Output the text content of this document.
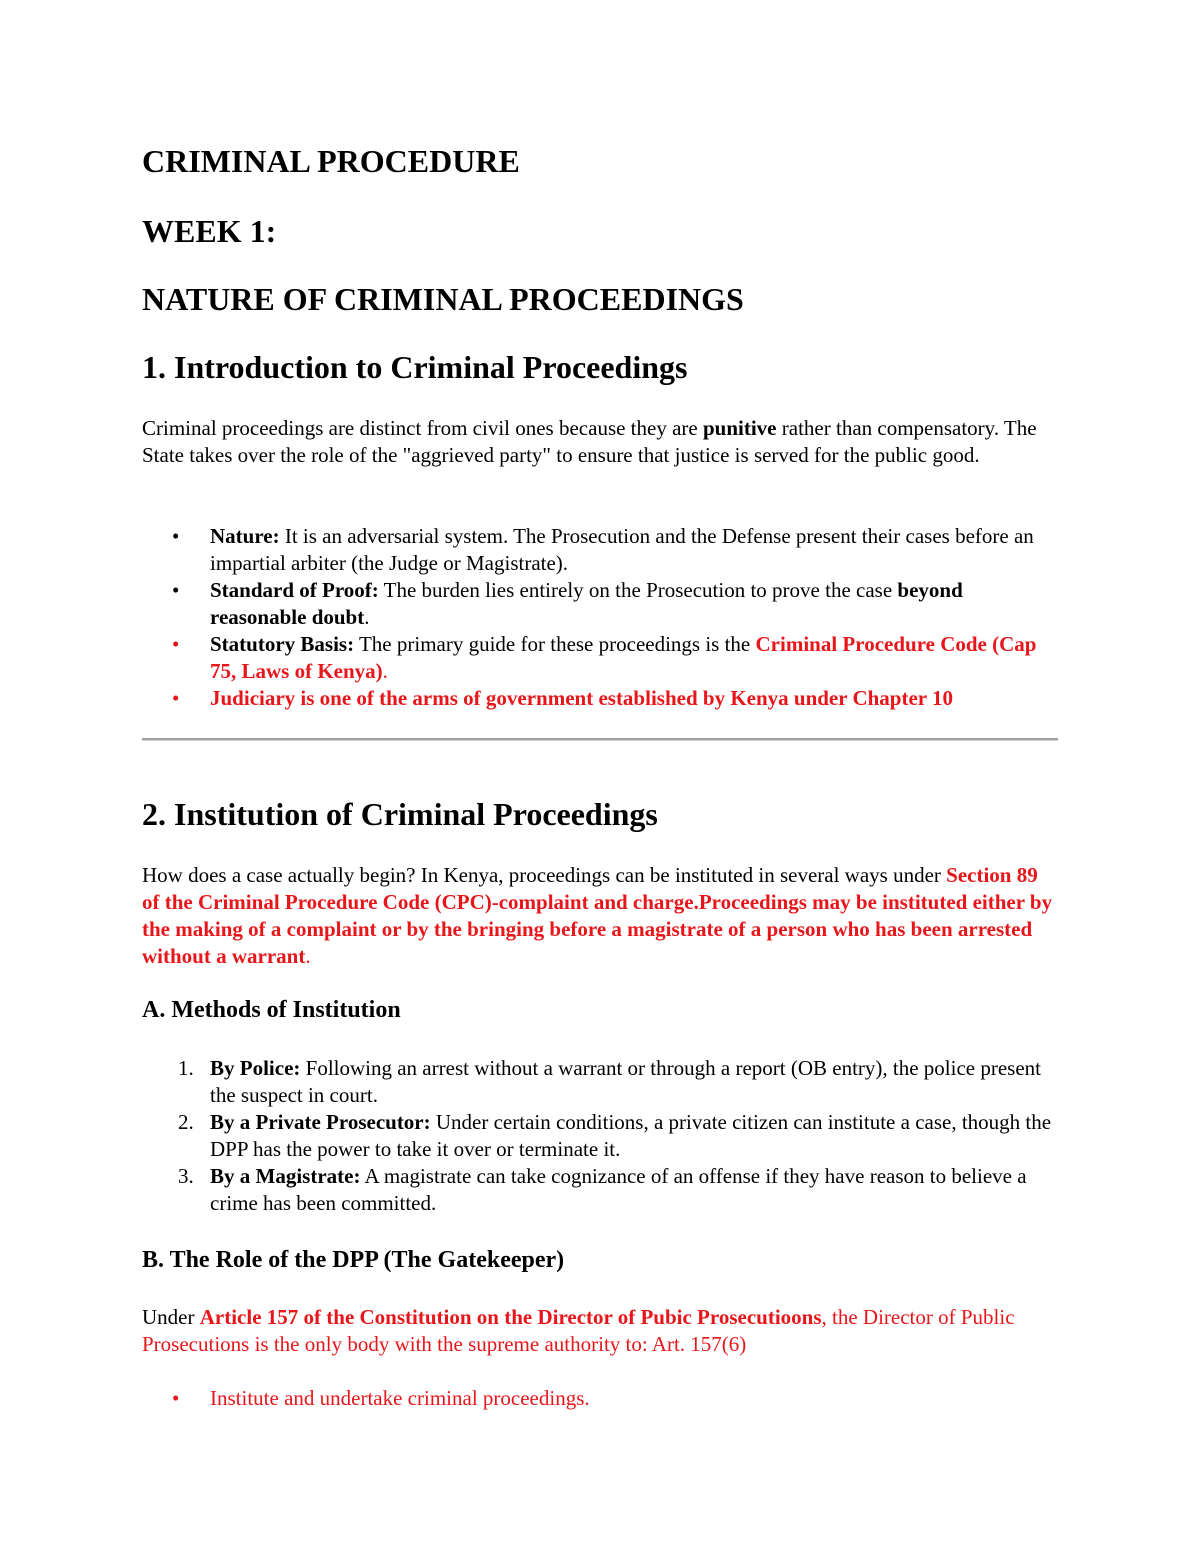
CRIMINAL PROCEDURE
WEEK 1:
NATURE OF CRIMINAL PROCEEDINGS
1. Introduction to Criminal Proceedings

Criminal proceedings are distinct from civil ones because they are punitive rather than compensatory. The State takes over the role of the "aggrieved party" to ensure that justice is served for the public good.

•	Nature: It is an adversarial system. The Prosecution and the Defense present their cases before an impartial arbiter (the Judge or Magistrate).
•	Standard of Proof: The burden lies entirely on the Prosecution to prove the case beyond reasonable doubt.
•	Statutory Basis: The primary guide for these proceedings is the Criminal Procedure Code (Cap 75, Laws of Kenya).
•	Judiciary is one of the arms of government established by Kenya under Chapter 10
2. Institution of Criminal Proceedings

How does a case actually begin? In Kenya, proceedings can be instituted in several ways under Section 89 of the Criminal Procedure Code (CPC)-complaint and charge.Proceedings may be instituted either by the making of a complaint or by the bringing before a magistrate of a person who has been arrested without a warrant.

A. Methods of Institution
1. By Police: Following an arrest without a warrant or through a report (OB entry), the police present the suspect in court.
2. By a Private Prosecutor: Under certain conditions, a private citizen can institute a case, though the DPP has the power to take it over or terminate it.
3. By a Magistrate: A magistrate can take cognizance of an offense if they have reason to believe a crime has been committed.
B. The Role of the DPP (The Gatekeeper)

Under Article 157 of the Constitution on the Director of Pubic Prosecutioons, the Director of Public Prosecutions is the only body with the supreme authority to: Art. 157(6)

•	Institute and undertake criminal proceedings.
